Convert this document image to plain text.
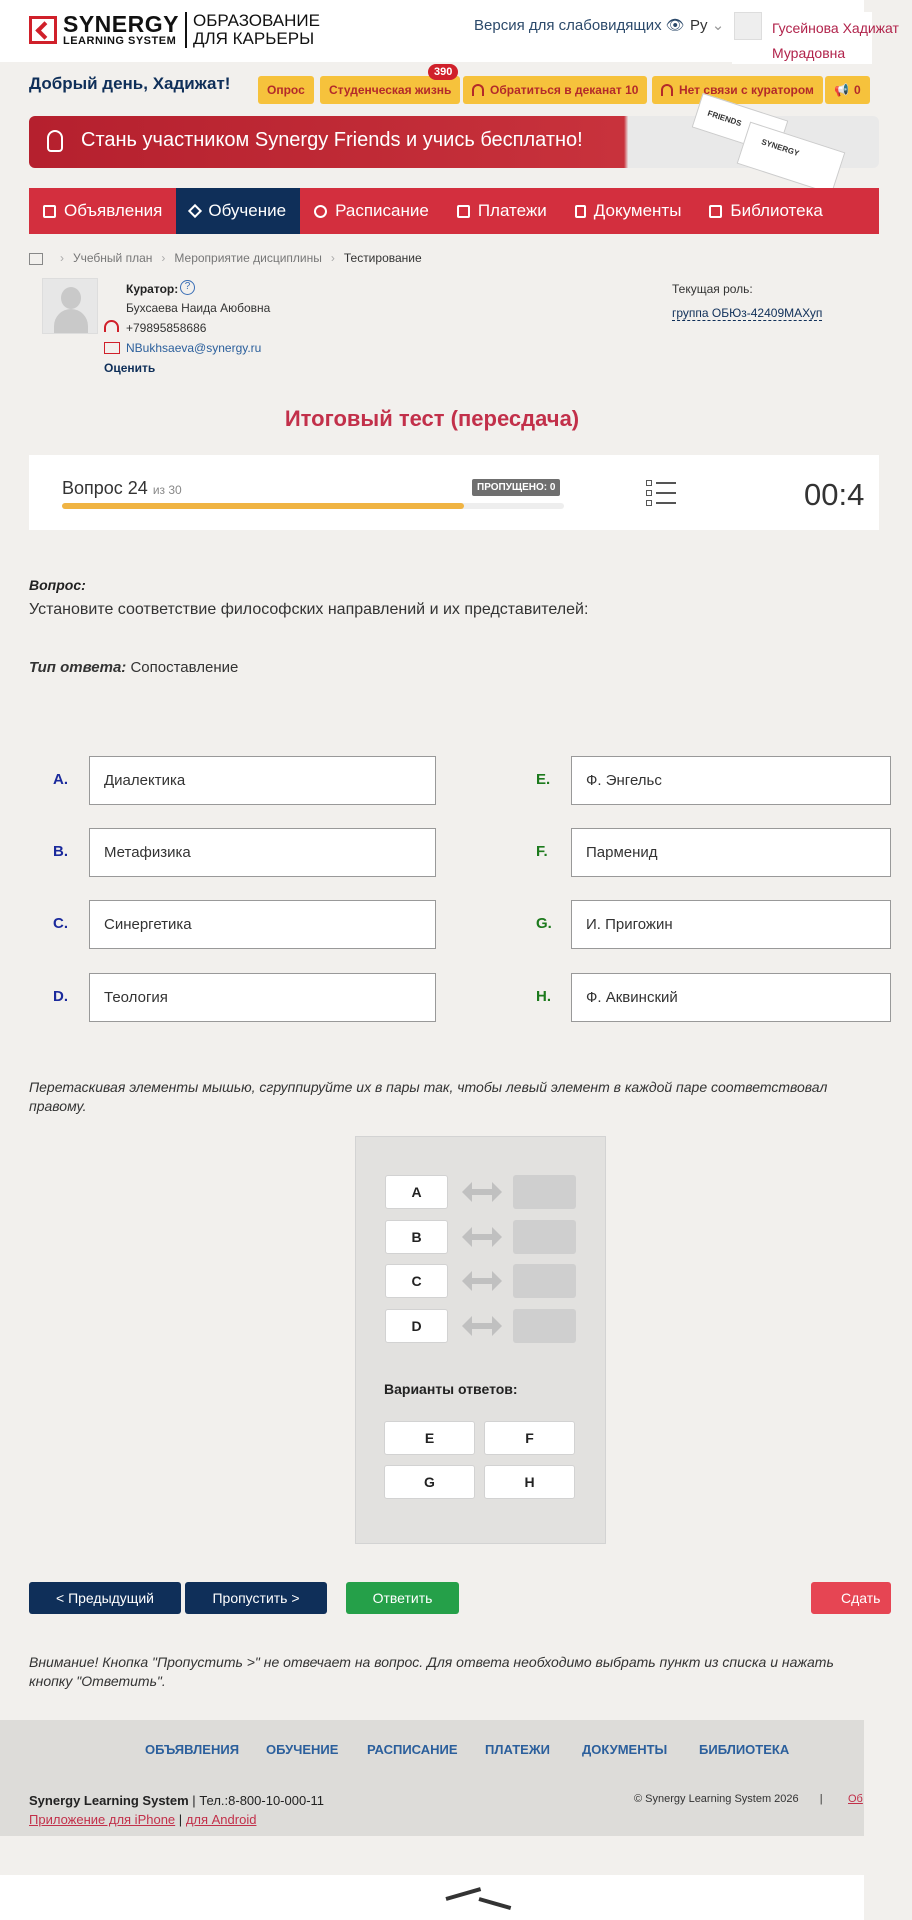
SYNERGY
LEARNING SYSTEM
ОБРАЗОВАНИЕ
ДЛЯ КАРЬЕРЫ
Версия для слабовидящих 👁 Ру ⌄	Гусейнова Хадижат
Мурадовна
Добрый день, Хадижат!	Опрос Студенческая жизнь
390
Обратиться в деканат 10	Нет связи с куратором 📢 0
Стань участником Synergy Friends и учись бесплатно!
FRIENDS
SYNERGY
Объявления	Обучение	Расписание	Платежи	Документы	Библиотека
› Учебный план › Мероприятие дисциплины › Тестирование
Куратор: ?
Бухсаева Наида Аюбовна
+79895858686
NBukhsaeva@synergy.ru
Оценить
Текущая роль:
группа ОБЮз-42409МАХуп
Итоговый тест (пересдача)
Вопрос 24 из 30	ПРОПУЩЕНО: 0	00:4
Вопрос:
Установите соответствие философских направлений и их представителей:
Тип ответа: Сопоставление
A.	Диалектика
B.	Метафизика
C.	Синергетика
D.	Теология
E.	Ф. Энгельс
F.	Парменид
G.	И. Пригожин
H.	Ф. Аквинский
Перетаскивая элементы мышью, сгруппируйте их в пары так, чтобы левый элемент в каждой паре соответствовал
правому.
A
B
C
D
Варианты ответов:
E	F
G	H
< Предыдущий	Пропустить >	Ответить	Сдать
Внимание! Кнопка "Пропустить >" не отвечает на вопрос. Для ответа необходимо выбрать пункт из списка и нажать
кнопку "Ответить".
ОБЪЯВЛЕНИЯ ОБУЧЕНИЕ РАСПИСАНИЕ ПЛАТЕЖИ ДОКУМЕНТЫ БИБЛИОТЕКА
Synergy Learning System | Тел.:8-800-10-000-11
Приложение для iPhone | для Android
© Synergy Learning System 2026 | Об
